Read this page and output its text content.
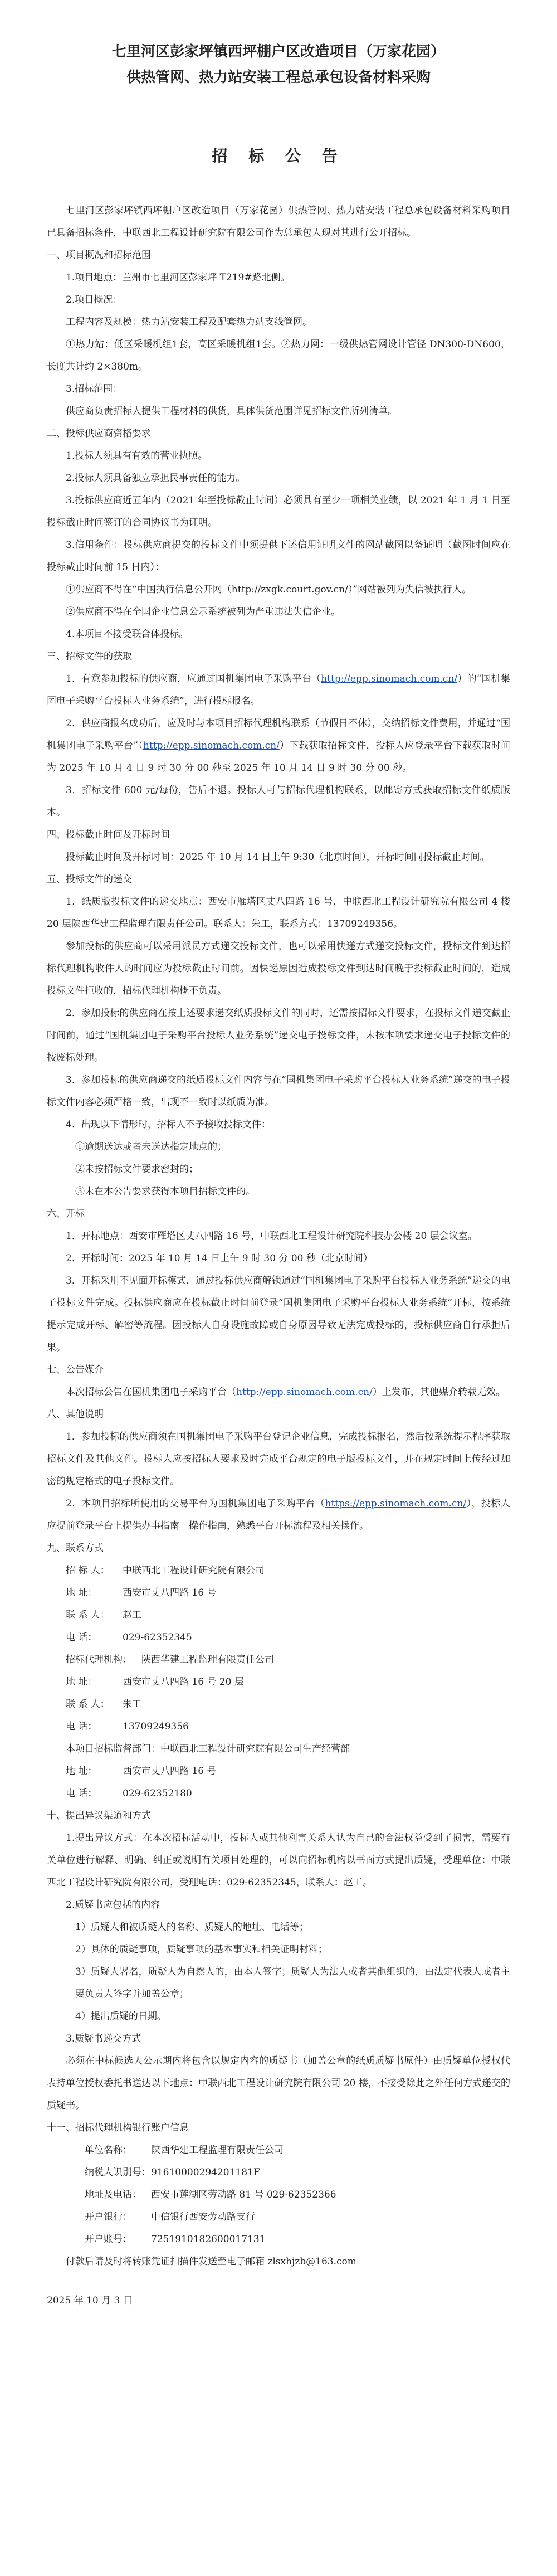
七里河区彭家坪镇西坪棚户区改造项目（万家花园）
供热管网、热力站安装工程总承包设备材料采购
招 标 公 告

七里河区彭家坪镇西坪棚户区改造项目（万家花园）供热管网、热力站安装工程总承包设备材料采购项目已具备招标条件，中联西北工程设计研究院有限公司作为总承包人现对其进行公开招标。

一、项目概况和招标范围

1.项目地点：兰州市七里河区彭家坪 T219#路北侧。

2.项目概况：

工程内容及规模：热力站安装工程及配套热力站支线管网。

①热力站：低区采暖机组1套，高区采暖机组1套。②热力网：一级供热管网设计管径 DN300-DN600，长度共计约 2×380m。

3.招标范围：

供应商负责招标人提供工程材料的供货，具体供货范围详见招标文件所列清单。

二、投标供应商资格要求

1.投标人须具有有效的营业执照。

2.投标人须具备独立承担民事责任的能力。

3.投标供应商近五年内（2021 年至投标截止时间）必须具有至少一项相关业绩，以 2021 年 1 月 1 日至投标截止时间签订的合同协议书为证明。

3.信用条件：投标供应商提交的投标文件中须提供下述信用证明文件的网站截图以备证明（截图时间应在投标截止时间前 15 日内）：

①供应商不得在“中国执行信息公开网（http://zxgk.court.gov.cn/）”网站被列为失信被执行人。

②供应商不得在全国企业信息公示系统被列为严重违法失信企业。

4.本项目不接受联合体投标。

三、招标文件的获取

1．有意参加投标的供应商，应通过国机集团电子采购平台（http://epp.sinomach.com.cn/）的“国机集团电子采购平台投标人业务系统”，进行投标报名。

2．供应商报名成功后，应及时与本项目招标代理机构联系（节假日不休），交纳招标文件费用，并通过“国机集团电子采购平台”（http://epp.sinomach.com.cn/）下载获取招标文件，投标人应登录平台下载获取时间为 2025 年 10 月 4 日 9 时 30 分 00 秒至 2025 年 10 月 14 日 9 时 30 分 00 秒。

3．招标文件 600 元/每份，售后不退。投标人可与招标代理机构联系，以邮寄方式获取招标文件纸质版本。

四、投标截止时间及开标时间

投标截止时间及开标时间：2025 年 10 月 14 日上午 9:30（北京时间），开标时间同投标截止时间。

五、投标文件的递交

1．纸质版投标文件的递交地点：西安市雁塔区丈八四路 16 号，中联西北工程设计研究院有限公司 4 楼 20 层陕西华建工程监理有限责任公司。联系人：朱工，联系方式：13709249356。

参加投标的供应商可以采用派员方式递交投标文件，也可以采用快递方式递交投标文件，投标文件到达招标代理机构收件人的时间应为投标截止时间前。因快递原因造成投标文件到达时间晚于投标截止时间的，造成投标文件拒收的，招标代理机构概不负责。

2．参加投标的供应商在按上述要求递交纸质投标文件的同时，还需按招标文件要求，在投标文件递交截止时间前，通过“国机集团电子采购平台投标人业务系统”递交电子投标文件，未按本项要求递交电子投标文件的按废标处理。

3．参加投标的供应商递交的纸质投标文件内容与在“国机集团电子采购平台投标人业务系统”递交的电子投标文件内容必须严格一致，出现不一致时以纸质为准。

4．出现以下情形时，招标人不予接收投标文件：

①逾期送达或者未送达指定地点的；

②未按招标文件要求密封的；

③未在本公告要求获得本项目招标文件的。

六、开标

1．开标地点：西安市雁塔区丈八四路 16 号，中联西北工程设计研究院科技办公楼 20 层会议室。

2．开标时间：2025 年 10 月 14 日上午 9 时 30 分 00 秒（北京时间）

3．开标采用不见面开标模式，通过投标供应商解锁通过“国机集团电子采购平台投标人业务系统”递交的电子投标文件完成。投标供应商应在投标截止时间前登录“国机集团电子采购平台投标人业务系统”开标，按系统提示完成开标、解密等流程。因投标人自身设施故障或自身原因导致无法完成投标的，投标供应商自行承担后果。

七、公告媒介

本次招标公告在国机集团电子采购平台（http://epp.sinomach.com.cn/）上发布，其他媒介转载无效。

八、其他说明

1．参加投标的供应商须在国机集团电子采购平台登记企业信息，完成投标报名，然后按系统提示程序获取招标文件及其他文件。投标人应按招标人要求及时完成平台规定的电子版投标文件，并在规定时间上传经过加密的规定格式的电子投标文件。

2．本项目招标所使用的交易平台为国机集团电子采购平台（https://epp.sinomach.com.cn/），投标人应提前登录平台上提供办事指南－操作指南，熟悉平台开标流程及相关操作。

九、联系方式

招 标 人：	中联西北工程设计研究院有限公司
地 址：	西安市丈八四路 16 号
联 系 人：	赵工
电 话：	029-62352345
招标代理机构：	陕西华建工程监理有限责任公司
地 址：	西安市丈八四路 16 号 20 层
联 系 人：	朱工
电 话：	13709249356
本项目招标监督部门： 中联西北工程设计研究院有限公司生产经营部
地 址：	西安市丈八四路 16 号
电 话：	029-62352180

十、提出异议渠道和方式

1.提出异议方式：在本次招标活动中，投标人或其他利害关系人认为自己的合法权益受到了损害，需要有关单位进行解释、明确、纠正或说明有关项目处理的，可以向招标机构以书面方式提出质疑，受理单位：中联西北工程设计研究院有限公司，受理电话：029-62352345，联系人：赵工。

2.质疑书应包括的内容

1）质疑人和被质疑人的名称、质疑人的地址、电话等；

2）具体的质疑事项，质疑事项的基本事实和相关证明材料；

3）质疑人署名，质疑人为自然人的，由本人签字；质疑人为法人或者其他组织的，由法定代表人或者主要负责人签字并加盖公章；

4）提出质疑的日期。

3.质疑书递交方式

必须在中标候选人公示期内将包含以规定内容的质疑书（加盖公章的纸质质疑书原件）由质疑单位授权代表持单位授权委托书送达以下地点：中联西北工程设计研究院有限公司 20 楼，不接受除此之外任何方式递交的质疑书。

十一、招标代理机构银行账户信息

单位名称：	陕西华建工程监理有限责任公司
纳税人识别号： 91610000294201181F
地址及电话：	西安市莲湖区劳动路 81 号 029-62352366
开户银行：	中信银行西安劳动路支行
开户账号：	7251910182600017131

付款后请及时将转账凭证扫描件发送至电子邮箱 zlsxhjzb@163.com

2025 年 10 月 3 日
